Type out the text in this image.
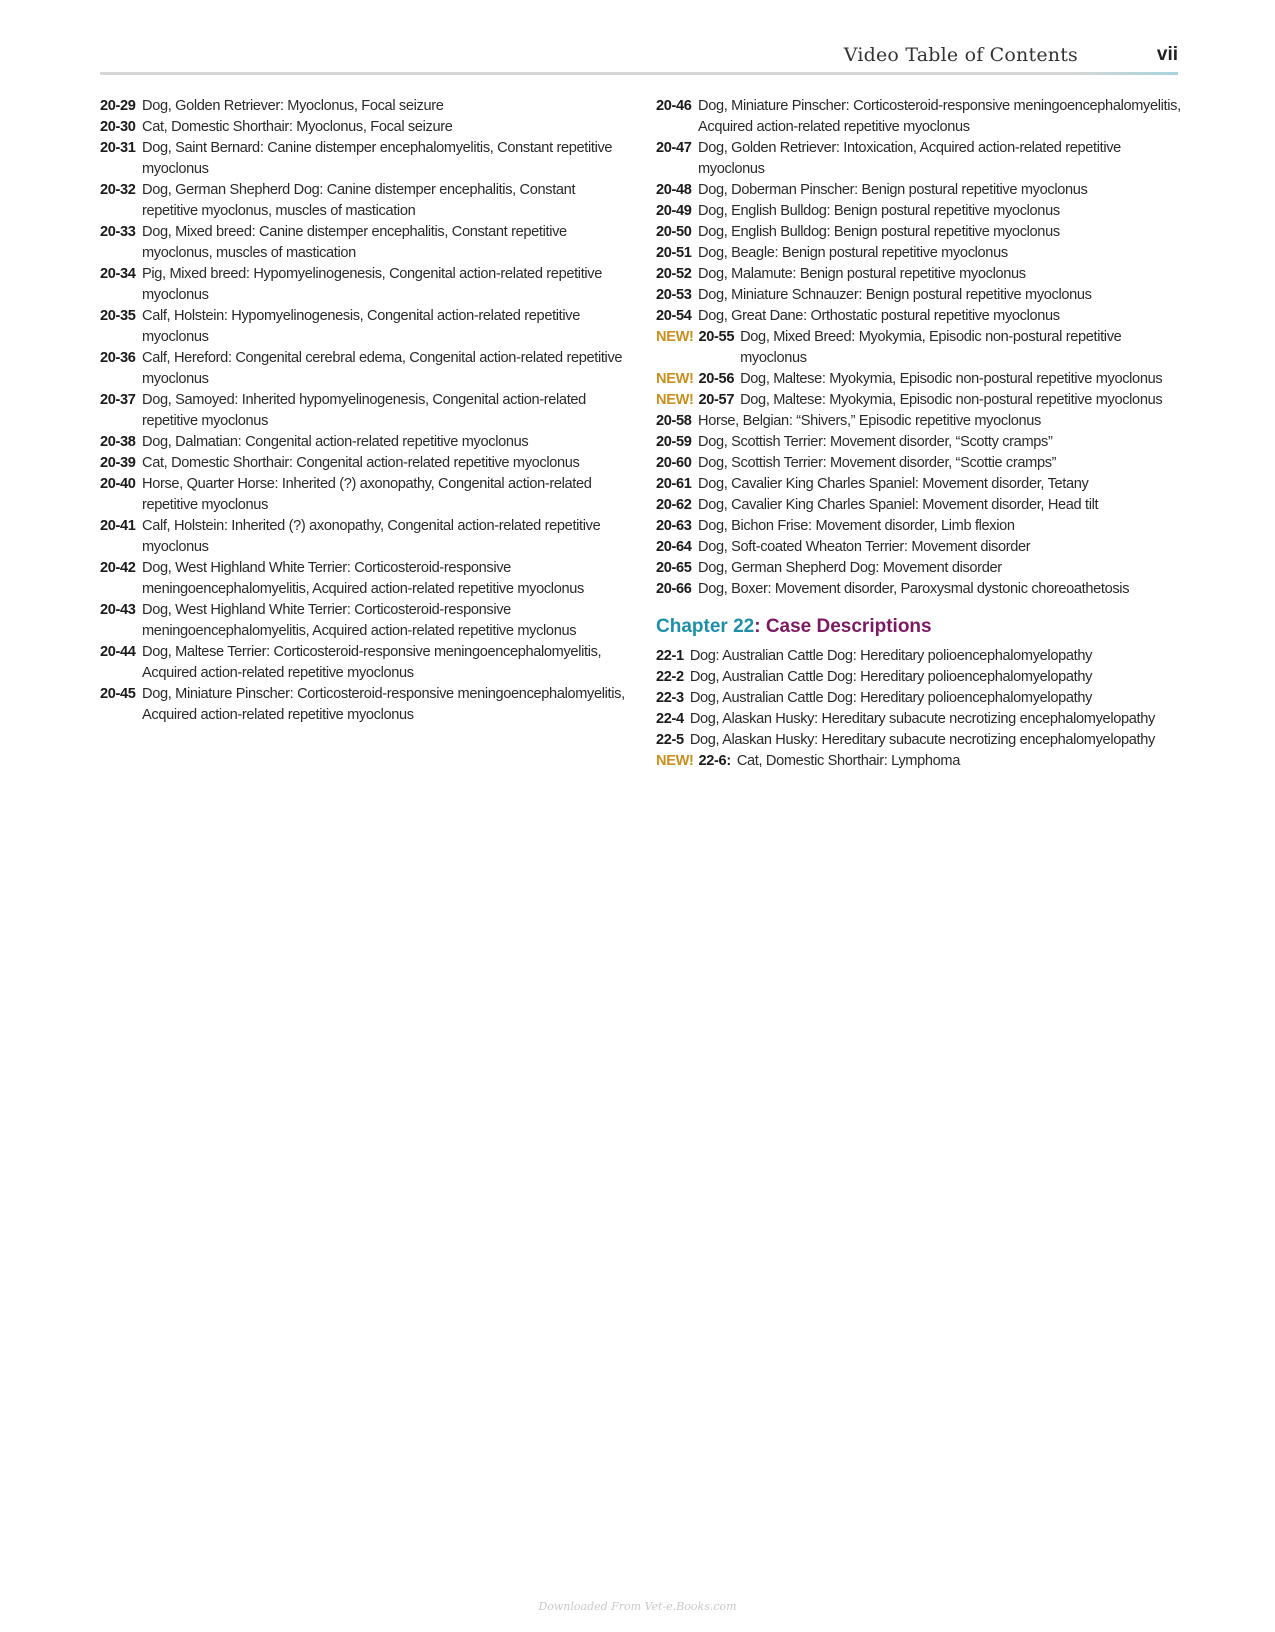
Video Table of Contents	vii
20-29 Dog, Golden Retriever: Myoclonus, Focal seizure
20-30 Cat, Domestic Shorthair: Myoclonus, Focal seizure
20-31 Dog, Saint Bernard: Canine distemper encephalomyelitis, Constant repetitive myoclonus
20-32 Dog, German Shepherd Dog: Canine distemper encephalitis, Constant repetitive myoclonus, muscles of mastication
20-33 Dog, Mixed breed: Canine distemper encephalitis, Constant repetitive myoclonus, muscles of mastication
20-34 Pig, Mixed breed: Hypomyelinogenesis, Congenital action-related repetitive myoclonus
20-35 Calf, Holstein: Hypomyelinogenesis, Congenital action-related repetitive myoclonus
20-36 Calf, Hereford: Congenital cerebral edema, Congenital action-related repetitive myoclonus
20-37 Dog, Samoyed: Inherited hypomyelinogenesis, Congenital action-related repetitive myoclonus
20-38 Dog, Dalmatian: Congenital action-related repetitive myoclonus
20-39 Cat, Domestic Shorthair: Congenital action-related repetitive myoclonus
20-40 Horse, Quarter Horse: Inherited (?) axonopathy, Congenital action-related repetitive myoclonus
20-41 Calf, Holstein: Inherited (?) axonopathy, Congenital action-related repetitive myoclonus
20-42 Dog, West Highland White Terrier: Corticosteroid-responsive meningoencephalomyelitis, Acquired action-related repetitive myoclonus
20-43 Dog, West Highland White Terrier: Corticosteroid-responsive meningoencephalomyelitis, Acquired action-related repetitive myclonus
20-44 Dog, Maltese Terrier: Corticosteroid-responsive meningoencephalomyelitis, Acquired action-related repetitive myoclonus
20-45 Dog, Miniature Pinscher: Corticosteroid-responsive meningoencephalomyelitis, Acquired action-related repetitive myoclonus
20-46 Dog, Miniature Pinscher: Corticosteroid-responsive meningoencephalomyelitis, Acquired action-related repetitive myoclonus
20-47 Dog, Golden Retriever: Intoxication, Acquired action-related repetitive myoclonus
20-48 Dog, Doberman Pinscher: Benign postural repetitive myoclonus
20-49 Dog, English Bulldog: Benign postural repetitive myoclonus
20-50 Dog, English Bulldog: Benign postural repetitive myoclonus
20-51 Dog, Beagle: Benign postural repetitive myoclonus
20-52 Dog, Malamute: Benign postural repetitive myoclonus
20-53 Dog, Miniature Schnauzer: Benign postural repetitive myoclonus
20-54 Dog, Great Dane: Orthostatic postural repetitive myoclonus
NEW! 20-55 Dog, Mixed Breed: Myokymia, Episodic non-postural repetitive myoclonus
NEW! 20-56 Dog, Maltese: Myokymia, Episodic non-postural repetitive myoclonus
NEW! 20-57 Dog, Maltese: Myokymia, Episodic non-postural repetitive myoclonus
20-58 Horse, Belgian: “Shivers,” Episodic repetitive myoclonus
20-59 Dog, Scottish Terrier: Movement disorder, “Scotty cramps”
20-60 Dog, Scottish Terrier: Movement disorder, “Scottie cramps”
20-61 Dog, Cavalier King Charles Spaniel: Movement disorder, Tetany
20-62 Dog, Cavalier King Charles Spaniel: Movement disorder, Head tilt
20-63 Dog, Bichon Frise: Movement disorder, Limb flexion
20-64 Dog, Soft-coated Wheaton Terrier: Movement disorder
20-65 Dog, German Shepherd Dog: Movement disorder
20-66 Dog, Boxer: Movement disorder, Paroxysmal dystonic choreoathetosis
Chapter 22: Case Descriptions
22-1 Dog: Australian Cattle Dog: Hereditary polioencephalomyelopathy
22-2 Dog, Australian Cattle Dog: Hereditary polioencephalomyelopathy
22-3 Dog, Australian Cattle Dog: Hereditary polioencephalomyelopathy
22-4 Dog, Alaskan Husky: Hereditary subacute necrotizing encephalomyelopathy
22-5 Dog, Alaskan Husky: Hereditary subacute necrotizing encephalomyelopathy
NEW! 22-6: Cat, Domestic Shorthair: Lymphoma
Downloaded From Vet-e.Books.com
